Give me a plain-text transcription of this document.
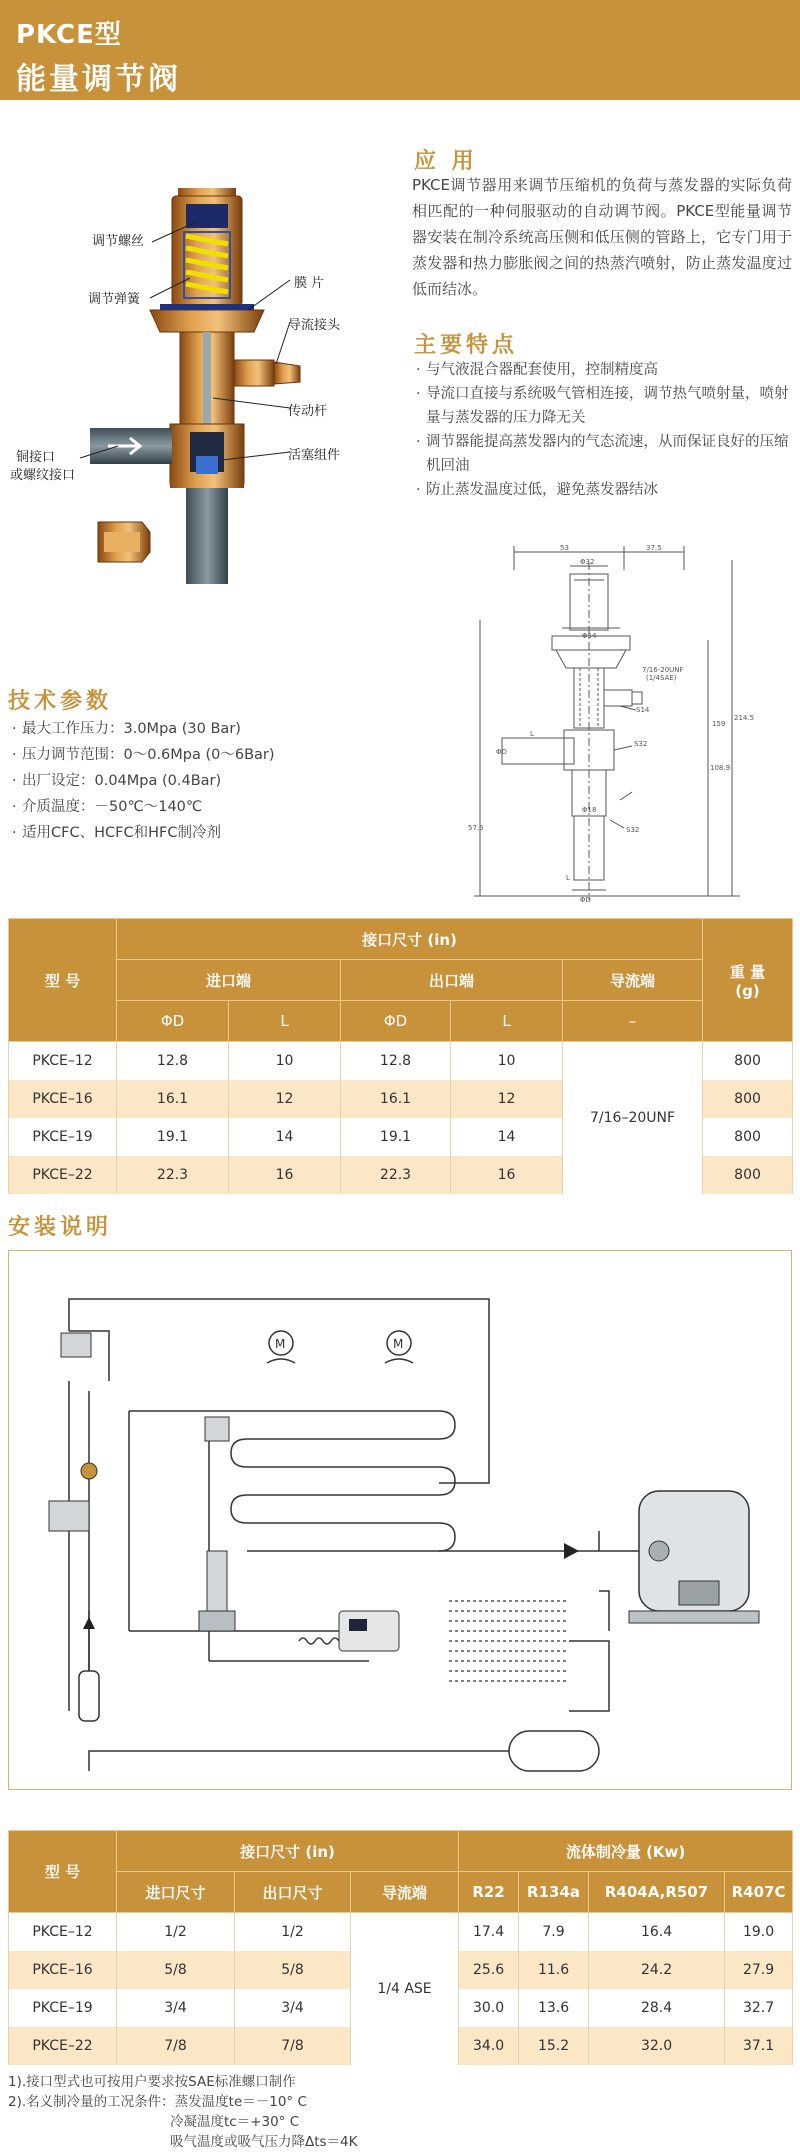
PKCE型
能量调节阀
调节螺丝
调节弹簧
膜 片
导流接头
传动杆
活塞组件
铜接口
或螺纹接口
应 用
PKCE调节器用来调节压缩机的负荷与蒸发器的实际负荷相匹配的一种伺服驱动的自动调节阀。PKCE型能量调节器安装在制冷系统高压侧和低压侧的管路上，它专门用于蒸发器和热力膨胀阀之间的热蒸汽喷射，防止蒸发温度过低而结冰。
主要特点
· 与气液混合器配套使用，控制精度高
· 导流口直接与系统吸气管相连接，调节热气喷射量，喷射量与蒸发器的压力降无关
· 调节器能提高蒸发器内的气态流速，从而保证良好的压缩机回油
· 防止蒸发温度过低，避免蒸发器结冰
53	37.5
Φ32
Φ54
7/16-20UNF
(1/4SAE)
S14
S32
S32
Φ18
ΦD
ΦD
108.9
159
214.5
57.5
L
L
技术参数
· 最大工作压力：3.0Mpa (30 Bar)
· 压力调节范围：0～0.6Mpa (0～6Bar)
· 出厂设定：0.04Mpa (0.4Bar)
· 介质温度：－50℃～140℃
· 适用CFC、HCFC和HFC制冷剂
型 号	接口尺寸 (in)					重 量
(g)
	进口端		出口端		导流端	
	ΦD	L	ΦD	L	–	
PKCE–12	12.8	10	12.8	10	7/16–20UNF	800
PKCE–16	16.1	12	16.1	12		800
PKCE–19	19.1	14	19.1	14		800
PKCE–22	22.3	16	22.3	16		800
安装说明
M	M
型 号	接口尺寸 (in)			流体制冷量 (Kw)			
	进口尺寸	出口尺寸	导流端	R22	R134a	R404A,R507	R407C
PKCE–12	1/2	1/2	1/4 ASE	17.4	7.9	16.4	19.0
PKCE–16	5/8	5/8		25.6	11.6	24.2	27.9
PKCE–19	3/4	3/4		30.0	13.6	28.4	32.7
PKCE–22	7/8	7/8		34.0	15.2	32.0	37.1
1).接口型式也可按用户要求按SAE标准螺口制作
2).名义制冷量的工况条件：蒸发温度te＝－10° C
冷凝温度tc＝+30° C
吸气温度或吸气压力降Δts＝4K
